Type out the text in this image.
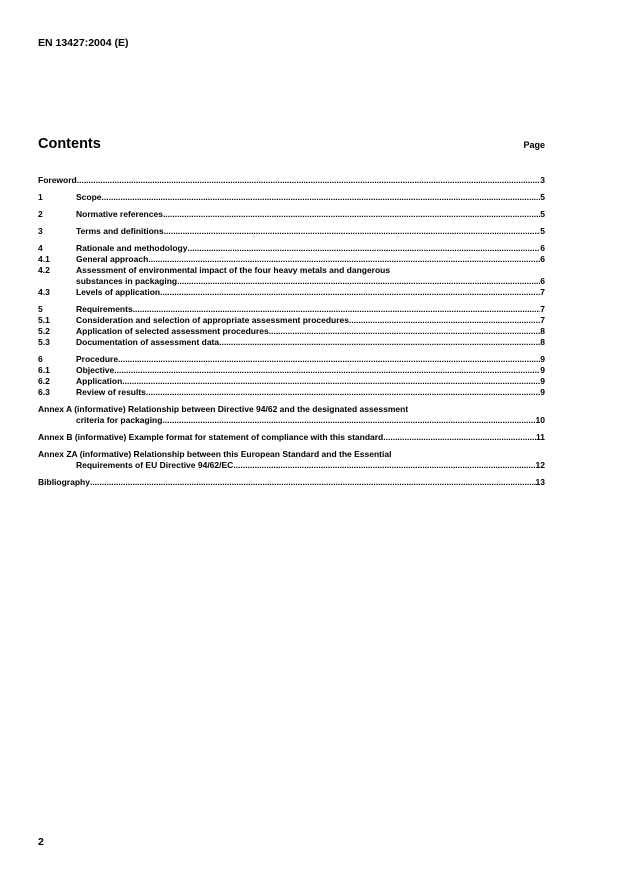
EN 13427:2004 (E)
Contents	Page
Foreword .....	3
1	Scope .....	5
2	Normative references .....	5
3	Terms and definitions .....	5
4	Rationale and methodology .....	6
4.1	General approach .....	6
4.2	Assessment of environmental impact of the four heavy metals and dangerous
substances in packaging .....	6
4.3	Levels of application .....	7
5	Requirements .....	7
5.1	Consideration and selection of appropriate assessment procedures .....	7
5.2	Application of selected assessment procedures .....	8
5.3	Documentation of assessment data .....	8
6	Procedure .....	9
6.1	Objective .....	9
6.2	Application .....	9
6.3	Review of results .....	9
Annex A (informative) Relationship between Directive 94/62 and the designated assessment
criteria for packaging .....	10
Annex B (informative) Example format for statement of compliance with this standard .....	11
Annex ZA (informative) Relationship between this European Standard and the Essential
Requirements of EU Directive 94/62/EC .....	12
Bibliography .....	13
2
